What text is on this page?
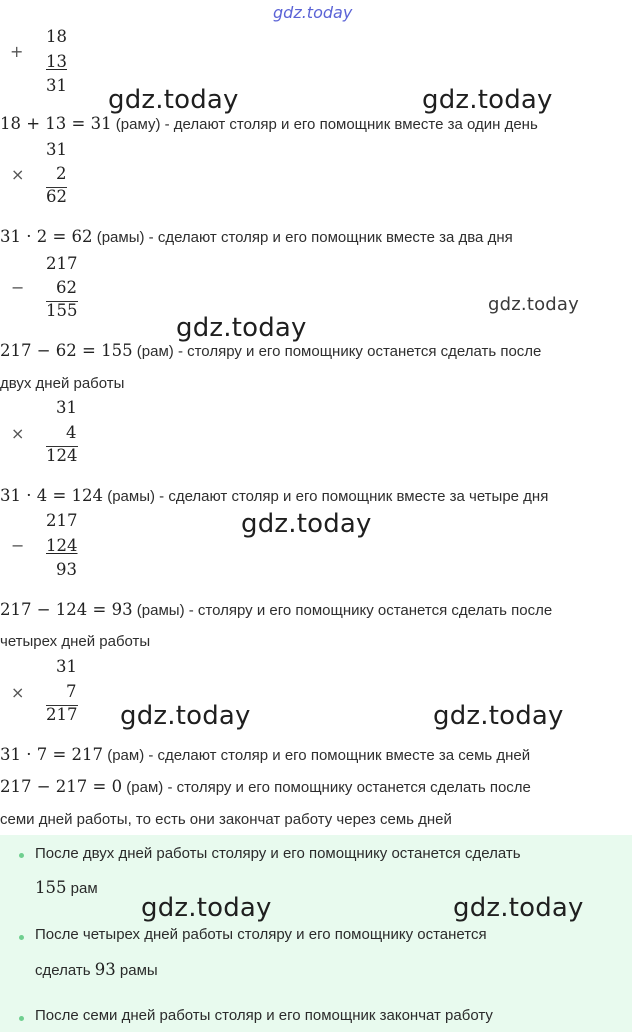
gdz.today
+
18
13
31 gdz.today	gdz.today
18 + 13 = 31 (раму) - делают столяр и его помощник вместе за один день
31
× 2
62
31 · 2 = 62 (рамы) - сделают столяр и его помощник вместе за два дня
217
− 62
155	gdz.today
gdz.today
217 − 62 = 155 (рам) - столяру и его помощнику останется сделать после
двух дней работы
31
×	4
124
31 · 4 = 124 (рамы) - сделают столяр и его помощник вместе за четыре дня
217
− 124
93
gdz.today
217 − 124 = 93 (рамы) - столяру и его помощнику останется сделать после
четырех дней работы
31
×	7
217 gdz.today	gdz.today
31 · 7 = 217 (рам) - сделают столяр и его помощник вместе за семь дней
217 − 217 = 0 (рам) - столяру и его помощнику останется сделать после
семи дней работы, то есть они закончат работу через семь дней
После двух дней работы столяру и его помощнику останется сделать
155 рам
gdz.today	gdz.today
После четырех дней работы столяру и его помощнику останется
сделать 93 рамы
После семи дней работы столяр и его помощник закончат работу
